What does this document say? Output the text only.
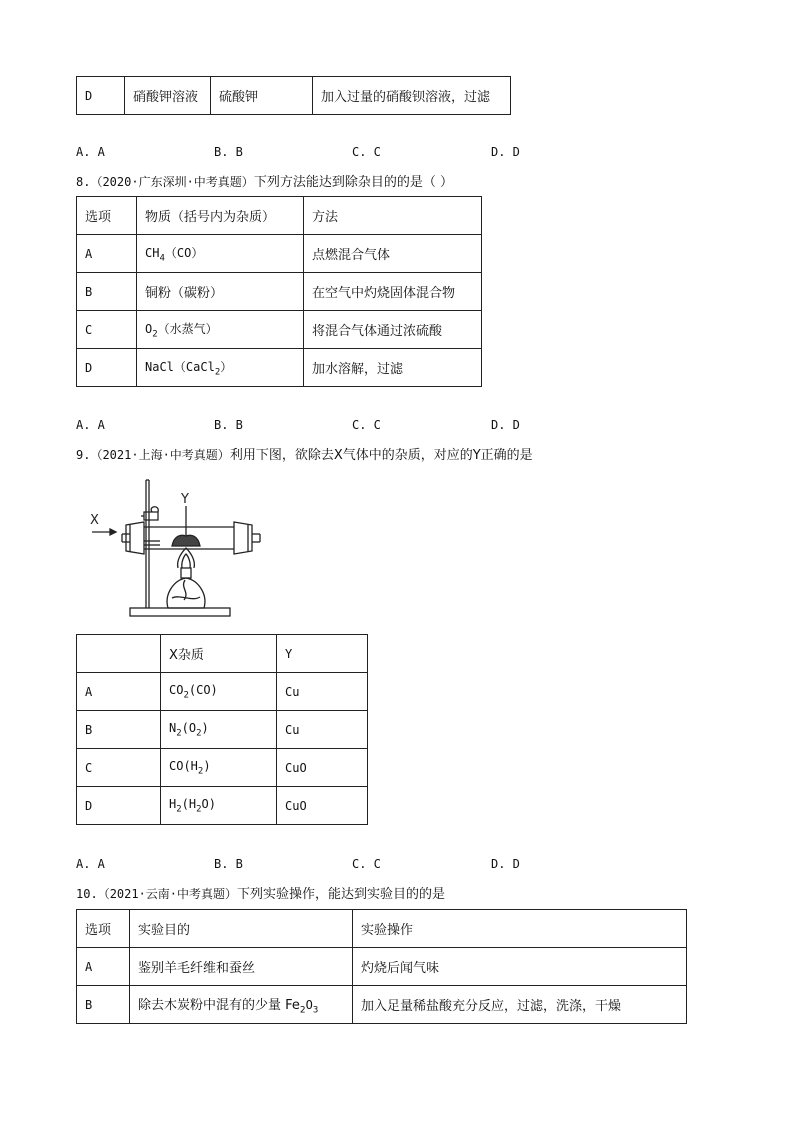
D	硝酸钾溶液	硫酸钾	加入过量的硝酸钡溶液，过滤
A. A	B. B	C. C	D. D
8.（2020·广东深圳·中考真题）下列方法能达到除杂目的的是（ ）
选项	物质（括号内为杂质）	方法
A	$CH_4(CO)$	点燃混合气体
B	铜粉（碳粉）	在空气中灼烧固体混合物
C	$O_2$（水蒸气）	将混合气体通过浓硫酸
D	NaCl（CaCl$_2$）	加水溶解，过滤
A. A	B. B	C. C	D. D
9.（2021·上海·中考真题）利用下图，欲除去X气体中的杂质，对应的Y正确的是
X
Y
	X杂质	Y
A	$CO_2(CO)$	Cu
B	$N_2(O_2)$	Cu
C	$CO(H_2)$	CuO
D	$H_2(H_2O)$	CuO
A. A	B. B	C. C	D. D
10.（2021·云南·中考真题）下列实验操作，能达到实验目的的是
选项	实验目的	实验操作
A	鉴别羊毛纤维和蚕丝	灼烧后闻气味
B	除去木炭粉中混有的少量 $Fe_2O_3$	加入足量稀盐酸充分反应，过滤，洗涤，干燥
